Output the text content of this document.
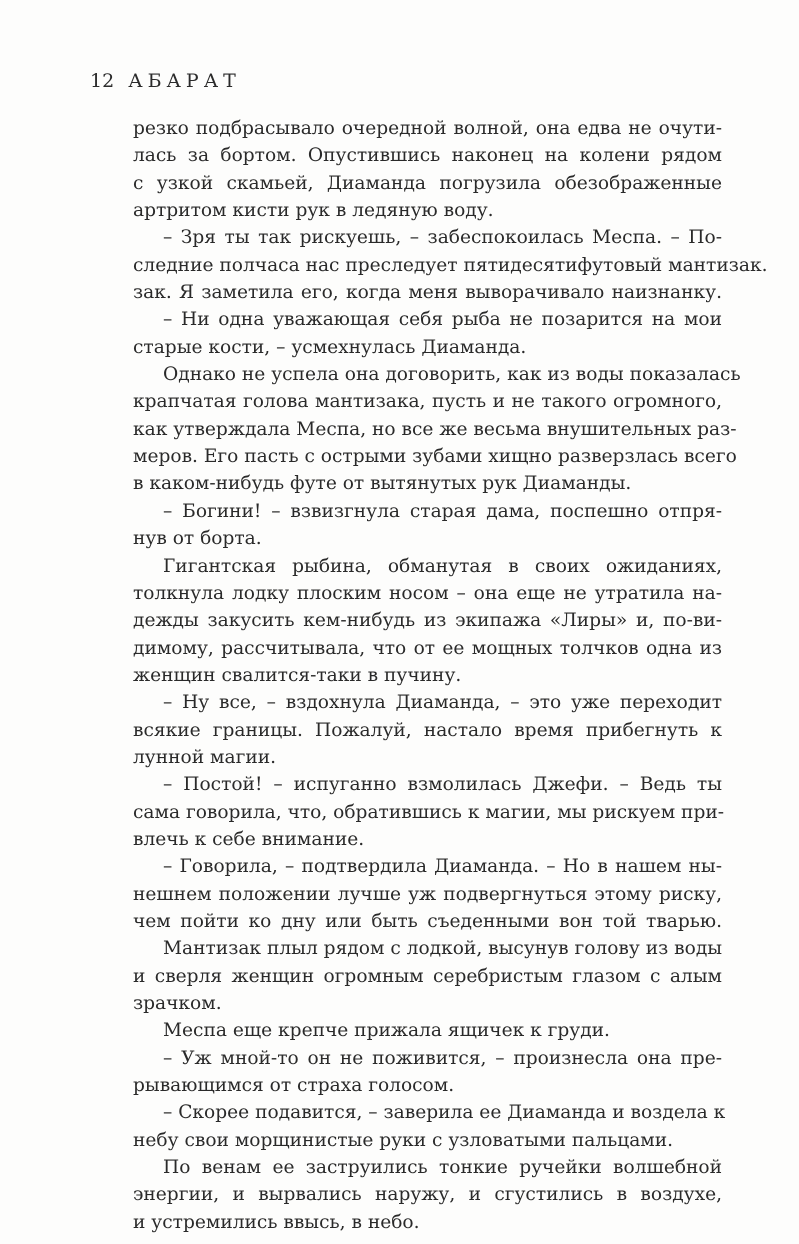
12 АБАРАТ
резко подбрасывало очередной волной, она едва не очути-
лась за бортом. Опустившись наконец на колени рядом
с узкой скамьей, Диаманда погрузила обезображенные
артритом кисти рук в ледяную воду.
– Зря ты так рискуешь, – забеспокоилась Меспа. – По-
следние полчаса нас преследует пятидесятифутовый мантизак.
зак. Я заметила его, когда меня выворачивало наизнанку.
– Ни одна уважающая себя рыба не позарится на мои
старые кости, – усмехнулась Диаманда.
Однако не успела она договорить, как из воды показалась
крапчатая голова мантизака, пусть и не такого огромного,
как утверждала Меспа, но все же весьма внушительных раз-
меров. Его пасть с острыми зубами хищно разверзлась всего
в каком-нибудь футе от вытянутых рук Диаманды.
– Богини! – взвизгнула старая дама, поспешно отпря-
нув от борта.
Гигантская рыбина, обманутая в своих ожиданиях,
толкнула лодку плоским носом – она еще не утратила на-
дежды закусить кем-нибудь из экипажа «Лиры» и, по-ви-
димому, рассчитывала, что от ее мощных толчков одна из
женщин свалится-таки в пучину.
– Ну все, – вздохнула Диаманда, – это уже переходит
всякие границы. Пожалуй, настало время прибегнуть к
лунной магии.
– Постой! – испуганно взмолилась Джефи. – Ведь ты
сама говорила, что, обратившись к магии, мы рискуем при-
влечь к себе внимание.
– Говорила, – подтвердила Диаманда. – Но в нашем ны-
нешнем положении лучше уж подвергнуться этому риску,
чем пойти ко дну или быть съеденными вон той тварью.
Мантизак плыл рядом с лодкой, высунув голову из воды
и сверля женщин огромным серебристым глазом с алым
зрачком.
Меспа еще крепче прижала ящичек к груди.
– Уж мной-то он не поживится, – произнесла она пре-
рывающимся от страха голосом.
– Скорее подавится, – заверила ее Диаманда и воздела к
небу свои морщинистые руки с узловатыми пальцами.
По венам ее заструились тонкие ручейки волшебной
энергии, и вырвались наружу, и сгустились в воздухе,
и устремились ввысь, в небо.
